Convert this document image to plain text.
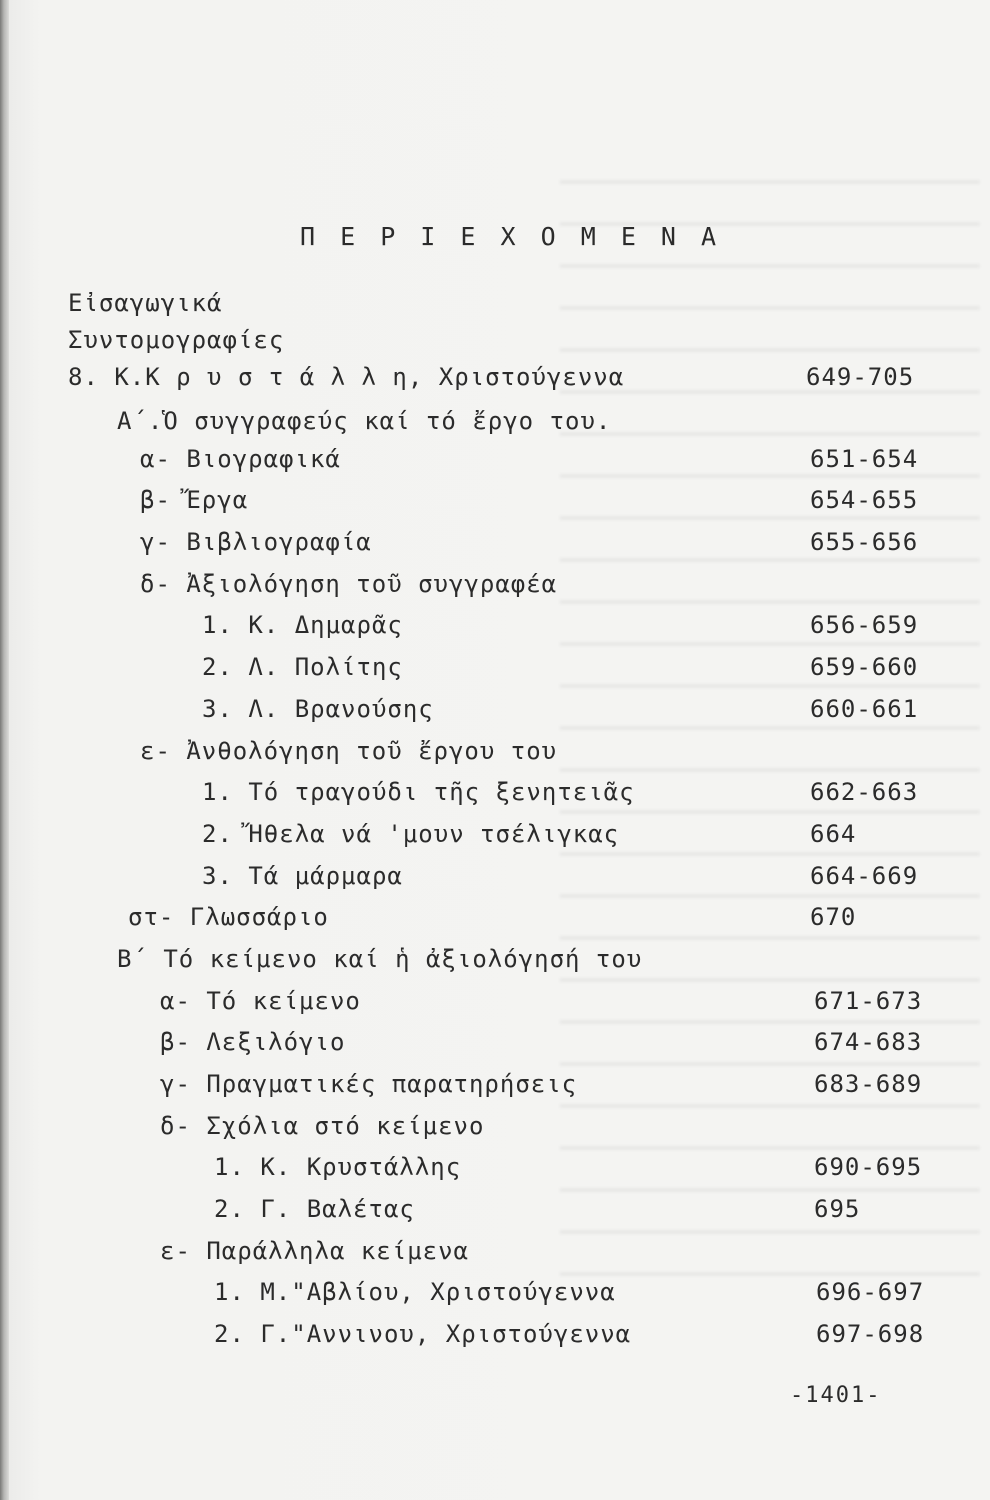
Π Ε Ρ Ι Ε Χ Ο Μ Ε Ν Α
Εἰσαγωγικά
Συντομογραφίες
8. Κ.Κ ρ υ σ τ ά λ λ η, Χριστούγεννα	649-705
Α΄.Ὁ συγγραφεύς καί τό ἔργο του.
α- Βιογραφικά	651-654
β- Ἔργα	654-655
γ- Βιβλιογραφία	655-656
δ- Ἀξιολόγηση τοῦ συγγραφέα
1. Κ. Δημαρᾶς	656-659
2. Λ. Πολίτης	659-660
3. Λ. Βρανούσης	660-661
ε- Ἀνθολόγηση τοῦ ἔργου του
1. Τό τραγούδι τῆς ξενητειᾶς	662-663
2. Ἤθελα νά 'μουν τσέλιγκας	664
3. Τά μάρμαρα	664-669
στ- Γλωσσάριο	670
Β΄ Τό κείμενο καί ἡ ἀξιολόγησή του
α- Τό κείμενο	671-673
β- Λεξιλόγιο	674-683
γ- Πραγματικές παρατηρήσεις	683-689
δ- Σχόλια στό κείμενο
1. Κ. Κρυστάλλης	690-695
2. Γ. Βαλέτας	695
ε- Παράλληλα κείμενα
1. Μ."Αβλίου, Χριστούγεννα	696-697
2. Γ."Αννινου, Χριστούγεννα	697-698
-1401-
